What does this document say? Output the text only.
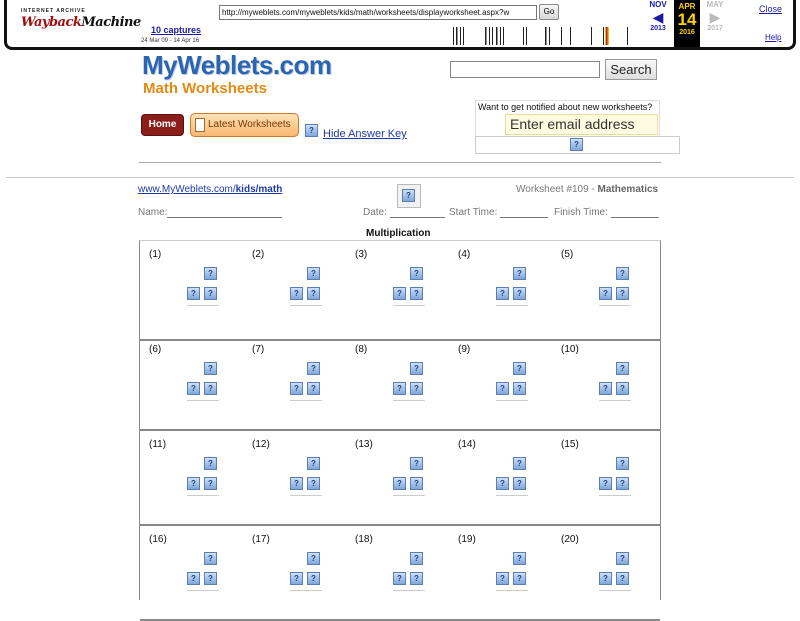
INTERNET ARCHIVE
WaybackMachine
http://myweblets.com/myweblets/kids/math/worksheets/displayworksheet.aspx?w	Go
10 captures
24 Mar 09 - 14 Apr 16
NOV
◀
2013
APR
14
2016
MAY
▶
2017
Close
Help
MyWeblets.com
Math Worksheets
Search
Home	Latest Worksheets
? Hide Answer Key
Want to get notified about new worksheets?
Enter email address
?
www.MyWeblets.com/kids/math
?
Worksheet #109 - Mathematics
Name:	Date:	Start Time:	Finish Time:
Multiplication
(1)
?
?	?
(2)
?
?	?
(3)
?
?	?
(4)
?
?	?
(5)
?
?	?
(6)
?
?	?
(7)
?
?	?
(8)
?
?	?
(9)
?
?	?
(10)
?
?	?
(11)
?
?	?
(12)
?
?	?
(13)
?
?	?
(14)
?
?	?
(15)
?
?	?
(16)
?
?	?
(17)
?
?	?
(18)
?
?	?
(19)
?
?	?
(20)
?
?	?
